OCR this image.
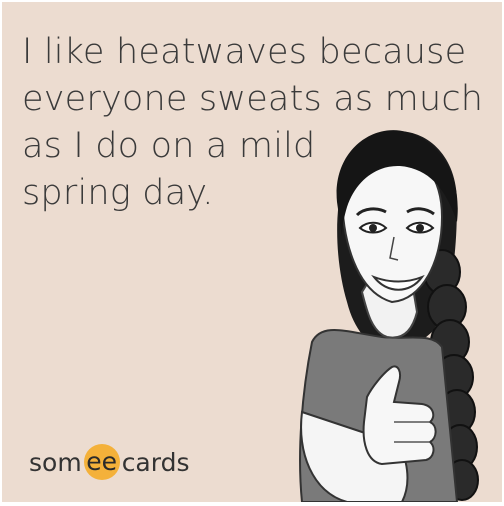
I like heatwaves because
everyone sweats as much
as I do on a mild
spring day.
som ee cards
